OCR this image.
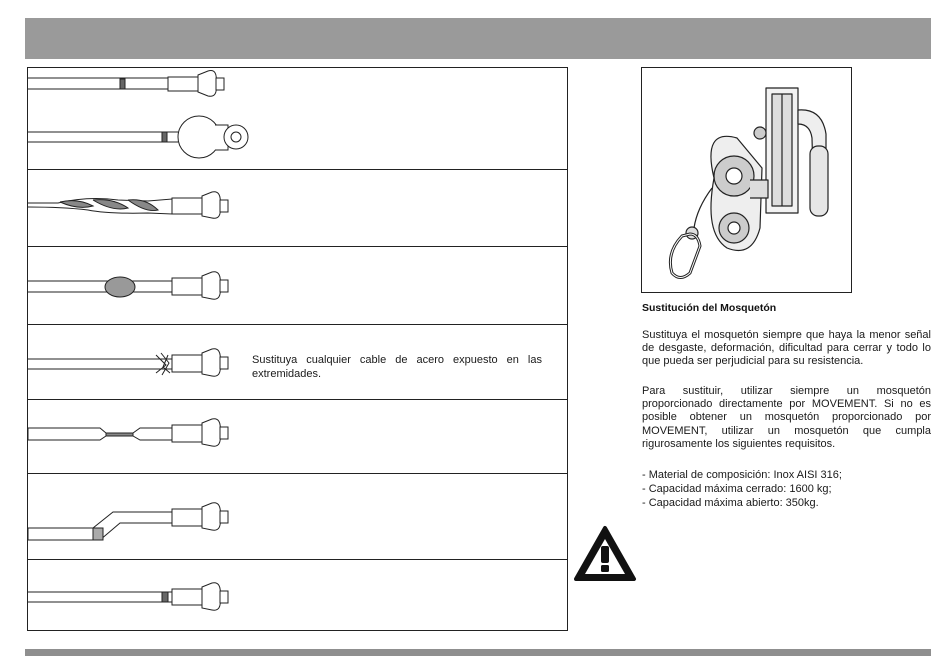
Sustituya cualquier cable de acero expuesto en las extremidades.
Sustitución del Mosquetón
Sustituya el mosquetón siempre que haya la menor señal de desgaste, deformación, dificultad para cerrar y todo lo que pueda ser perjudicial para su resistencia.
Para sustituir, utilizar siempre un mosquetón proporcionado directamente por MOVEMENT. Si no es posible obtener un mosquetón proporcionado por MOVEMENT, utilizar un mosquetón que cumpla rigurosamente los siguientes requisitos.
- Material de composición: Inox AISI 316;
- Capacidad máxima cerrado: 1600 kg;
- Capacidad máxima abierto: 350kg.
